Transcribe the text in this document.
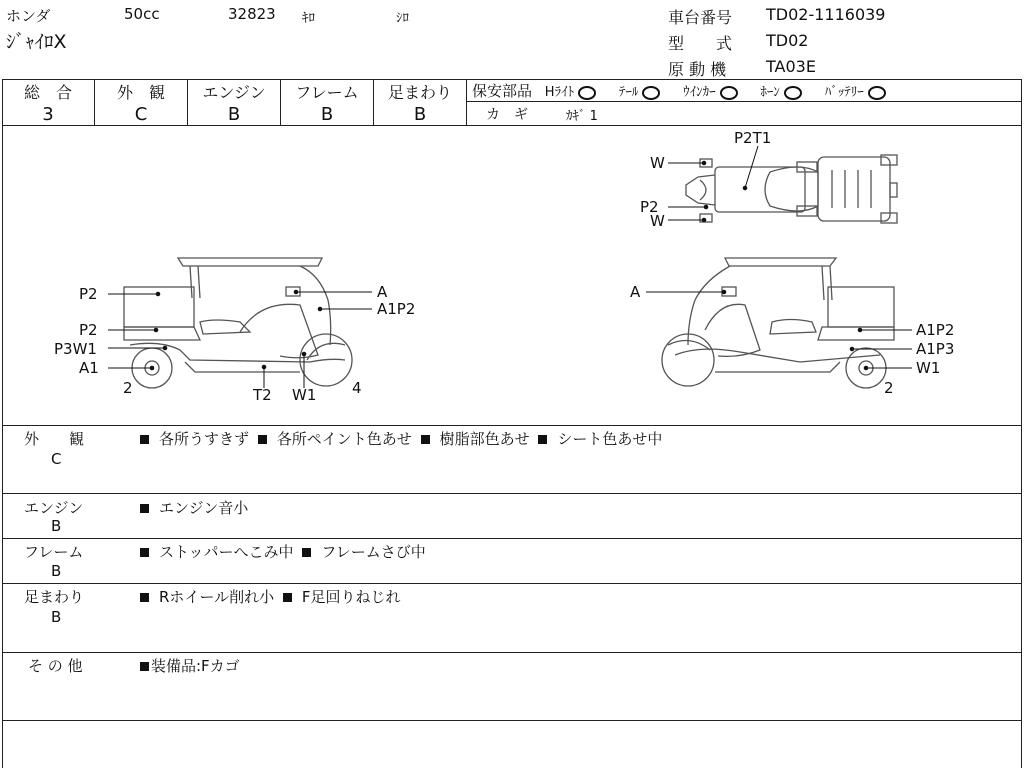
ホンダ	50cc	32823 ｷﾛ	ｼﾛ
ｼﾞｬｲﾛX
車台番号 TD02-1116039
型　　式 TD02
原 動 機 TA03E
総　合
3
外　観
C
エンジン
B
フレーム
B
足まわり
B
保安部品 Hﾗｲﾄ	ﾃｰﾙ	ｳｲﾝｶｰ	ﾎｰﾝ	ﾊﾞｯﾃﾘｰ
カ　ギ	ｶｷﾞ 1
P2T1
W
P2
W
P2
P2
P3W1
A1
A
A1P2
2	T2 W1 4
A
A1P2
A1P3
W1
2
外　　観
C
各所うすきず 各所ペイント色あせ 樹脂部色あせ シート色あせ中
エンジン
B
エンジン音小
フレーム
B
ストッパーへこみ中 フレームさび中
足まわり
B
Rホイール削れ小 F足回りねじれ
そ の 他	装備品:Fカゴ
